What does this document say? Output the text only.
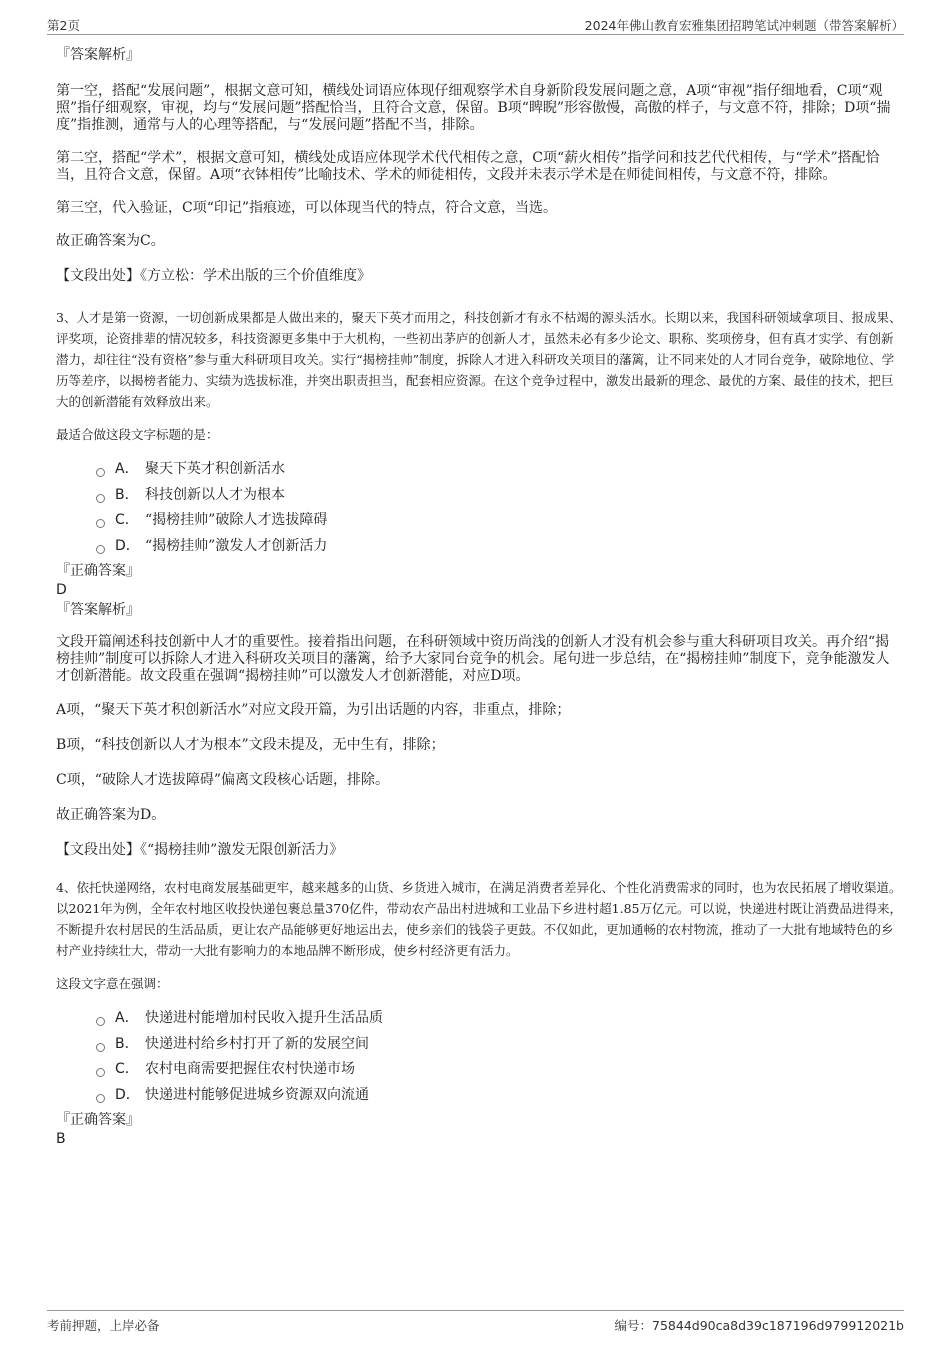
第2页	2024年佛山教育宏雅集团招聘笔试冲刺题（带答案解析）

『答案解析』

第一空，搭配“发展问题”，根据文意可知，横线处词语应体现仔细观察学术自身新阶段发展问题之意，A项“审视”指仔细地看，C项“观照”指仔细观察，审视，均与“发展问题”搭配恰当，且符合文意，保留。B项“睥睨”形容傲慢，高傲的样子，与文意不符，排除；D项“揣度”指推测，通常与人的心理等搭配，与“发展问题”搭配不当，排除。

第二空，搭配“学术”，根据文意可知，横线处成语应体现学术代代相传之意，C项“薪火相传”指学问和技艺代代相传，与“学术”搭配恰当，且符合文意，保留。A项“衣钵相传”比喻技术、学术的师徒相传，文段并未表示学术是在师徒间相传，与文意不符，排除。

第三空，代入验证，C项“印记”指痕迹，可以体现当代的特点，符合文意，当选。

故正确答案为C。

【文段出处】《方立松：学术出版的三个价值维度》

3、人才是第一资源，一切创新成果都是人做出来的，聚天下英才而用之，科技创新才有永不枯竭的源头活水。长期以来，我国科研领域拿项目、报成果、评奖项，论资排辈的情况较多，科技资源更多集中于大机构，一些初出茅庐的创新人才，虽然未必有多少论文、职称、奖项傍身，但有真才实学、有创新潜力，却往往“没有资格”参与重大科研项目攻关。实行“揭榜挂帅”制度，拆除人才进入科研攻关项目的藩篱，让不同来处的人才同台竞争，破除地位、学历等差序，以揭榜者能力、实绩为选拔标准，并突出职责担当，配套相应资源。在这个竞争过程中，激发出最新的理念、最优的方案、最佳的技术，把巨大的创新潜能有效释放出来。

最适合做这段文字标题的是：

A． 聚天下英才积创新活水
B． 科技创新以人才为根本
C． “揭榜挂帅”破除人才选拔障碍
D． “揭榜挂帅”激发人才创新活力

『正确答案』

D

『答案解析』

文段开篇阐述科技创新中人才的重要性。接着指出问题，在科研领域中资历尚浅的创新人才没有机会参与重大科研项目攻关。再介绍“揭榜挂帅”制度可以拆除人才进入科研攻关项目的藩篱，给予大家同台竞争的机会。尾句进一步总结，在“揭榜挂帅”制度下，竞争能激发人才创新潜能。故文段重在强调“揭榜挂帅”可以激发人才创新潜能，对应D项。

A项，“聚天下英才积创新活水”对应文段开篇，为引出话题的内容，非重点，排除；

B项，“科技创新以人才为根本”文段未提及，无中生有，排除；

C项，“破除人才选拔障碍”偏离文段核心话题，排除。

故正确答案为D。

【文段出处】《“揭榜挂帅”激发无限创新活力》

4、依托快递网络，农村电商发展基础更牢，越来越多的山货、乡货进入城市，在满足消费者差异化、个性化消费需求的同时，也为农民拓展了增收渠道。以2021年为例，全年农村地区收投快递包裹总量370亿件，带动农产品出村进城和工业品下乡进村超1.85万亿元。可以说，快递进村既让消费品进得来，不断提升农村居民的生活品质，更让农产品能够更好地运出去，使乡亲们的钱袋子更鼓。不仅如此，更加通畅的农村物流，推动了一大批有地域特色的乡村产业持续壮大，带动一大批有影响力的本地品牌不断形成，使乡村经济更有活力。

这段文字意在强调：

A． 快递进村能增加村民收入提升生活品质
B． 快递进村给乡村打开了新的发展空间
C． 农村电商需要把握住农村快递市场
D． 快递进村能够促进城乡资源双向流通

『正确答案』

B

考前押题，上岸必备	编号：75844d90ca8d39c187196d979912021b
